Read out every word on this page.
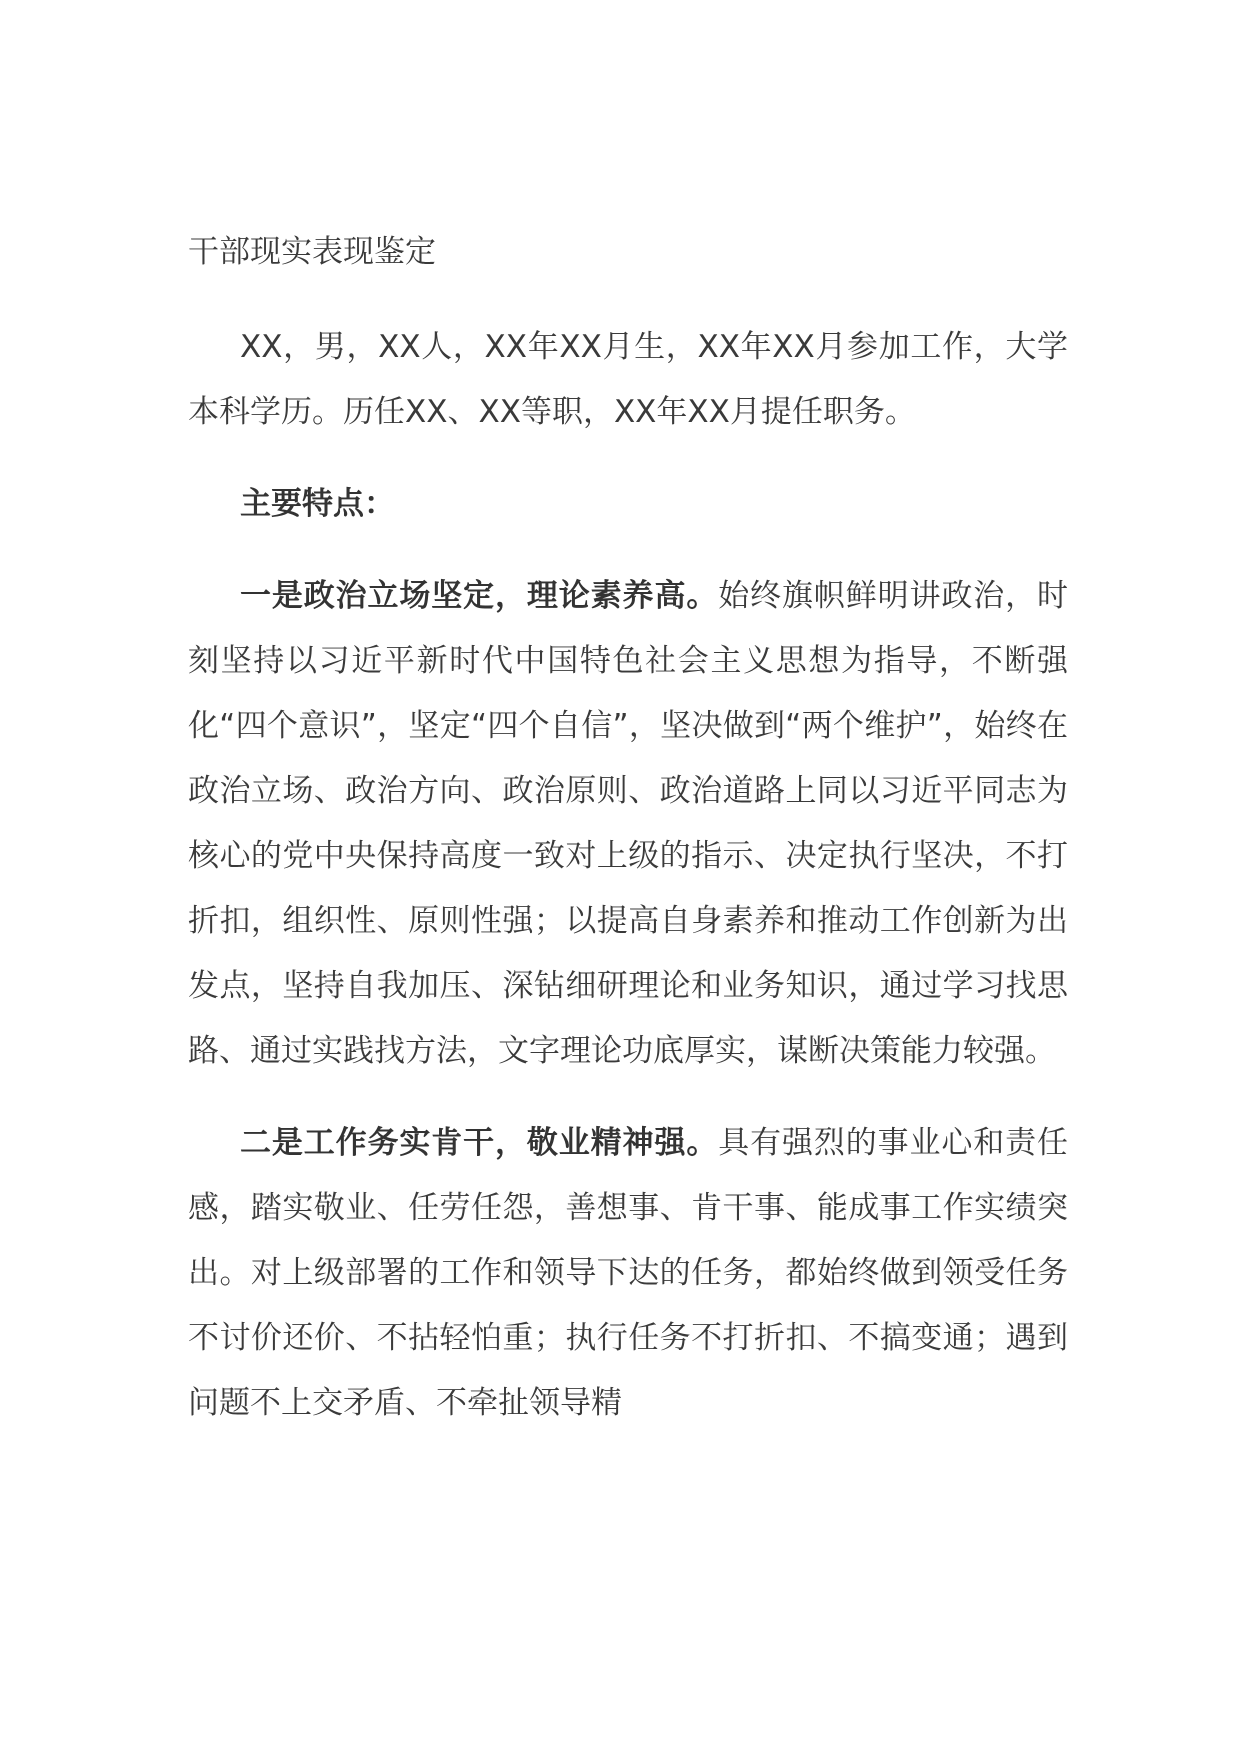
干部现实表现鉴定

XX，男，XX人，XX年XX月生，XX年XX月参加工作，大学本科学历。历任XX、XX等职，XX年XX月提任职务。

主要特点：

一是政治立场坚定，理论素养高。始终旗帜鲜明讲政治，时刻坚持以习近平新时代中国特色社会主义思想为指导，不断强化“四个意识”，坚定“四个自信”，坚决做到“两个维护”，始终在政治立场、政治方向、政治原则、政治道路上同以习近平同志为核心的党中央保持高度一致对上级的指示、决定执行坚决，不打折扣，组织性、原则性强；以提高自身素养和推动工作创新为出发点，坚持自我加压、深钻细研理论和业务知识，通过学习找思路、通过实践找方法，文字理论功底厚实，谋断决策能力较强。

二是工作务实肯干，敬业精神强。具有强烈的事业心和责任感，踏实敬业、任劳任怨，善想事、肯干事、能成事工作实绩突出。对上级部署的工作和领导下达的任务，都始终做到领受任务不讨价还价、不拈轻怕重；执行任务不打折扣、不搞变通；遇到问题不上交矛盾、不牵扯领导精
